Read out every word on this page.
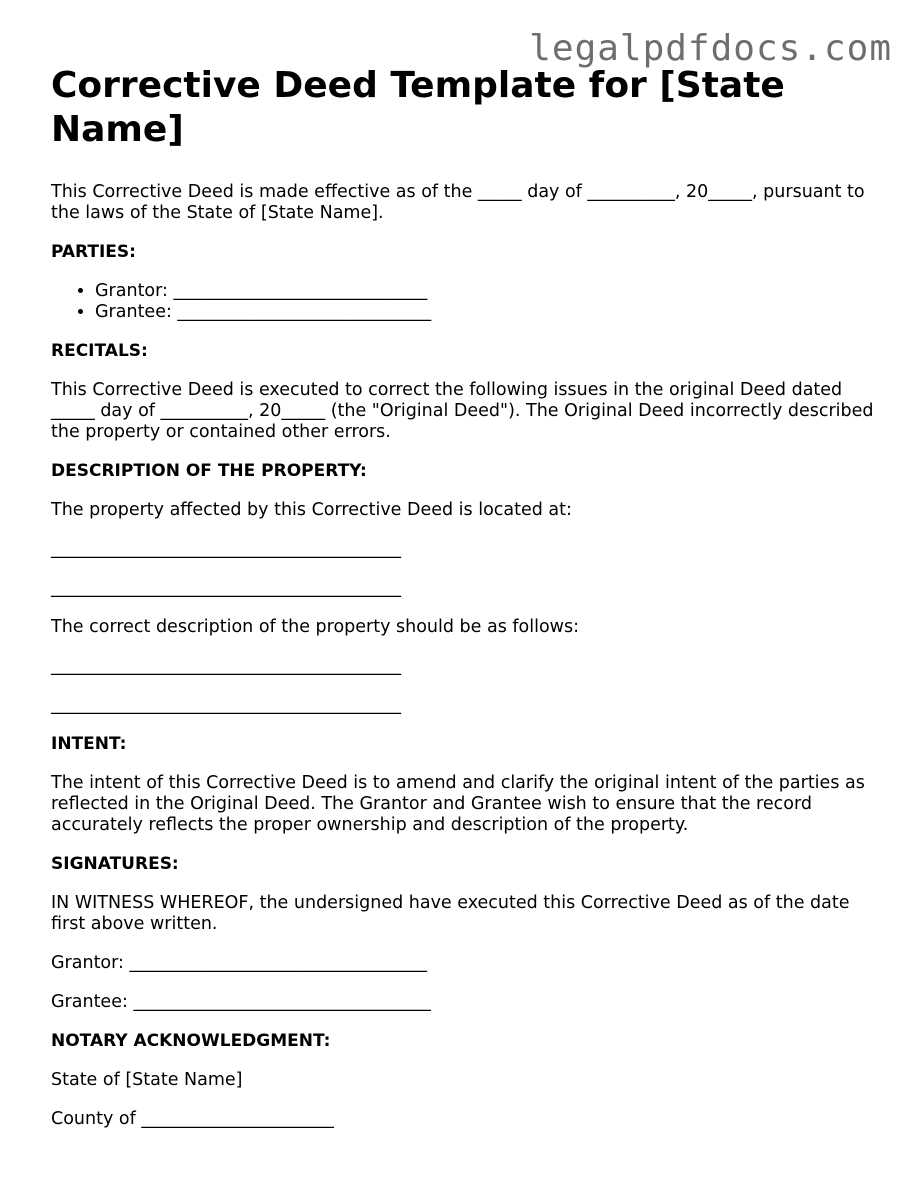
legalpdfdocs.com
Corrective Deed Template for [State Name]

This Corrective Deed is made effective as of the _____ day of __________, 20_____, pursuant to the laws of the State of [State Name].

PARTIES:
• Grantor: _____________________________
• Grantee: _____________________________
RECITALS:

This Corrective Deed is executed to correct the following issues in the original Deed dated _____ day of __________, 20_____ (the "Original Deed"). The Original Deed incorrectly described the property or contained other errors.

DESCRIPTION OF THE PROPERTY:

The property affected by this Corrective Deed is located at:

________________________________________
________________________________________

The correct description of the property should be as follows:

________________________________________
________________________________________
INTENT:

The intent of this Corrective Deed is to amend and clarify the original intent of the parties as reflected in the Original Deed. The Grantor and Grantee wish to ensure that the record accurately reflects the proper ownership and description of the property.

SIGNATURES:

IN WITNESS WHEREOF, the undersigned have executed this Corrective Deed as of the date first above written.

Grantor: __________________________________

Grantee: __________________________________

NOTARY ACKNOWLEDGMENT:

State of [State Name]

County of ______________________
